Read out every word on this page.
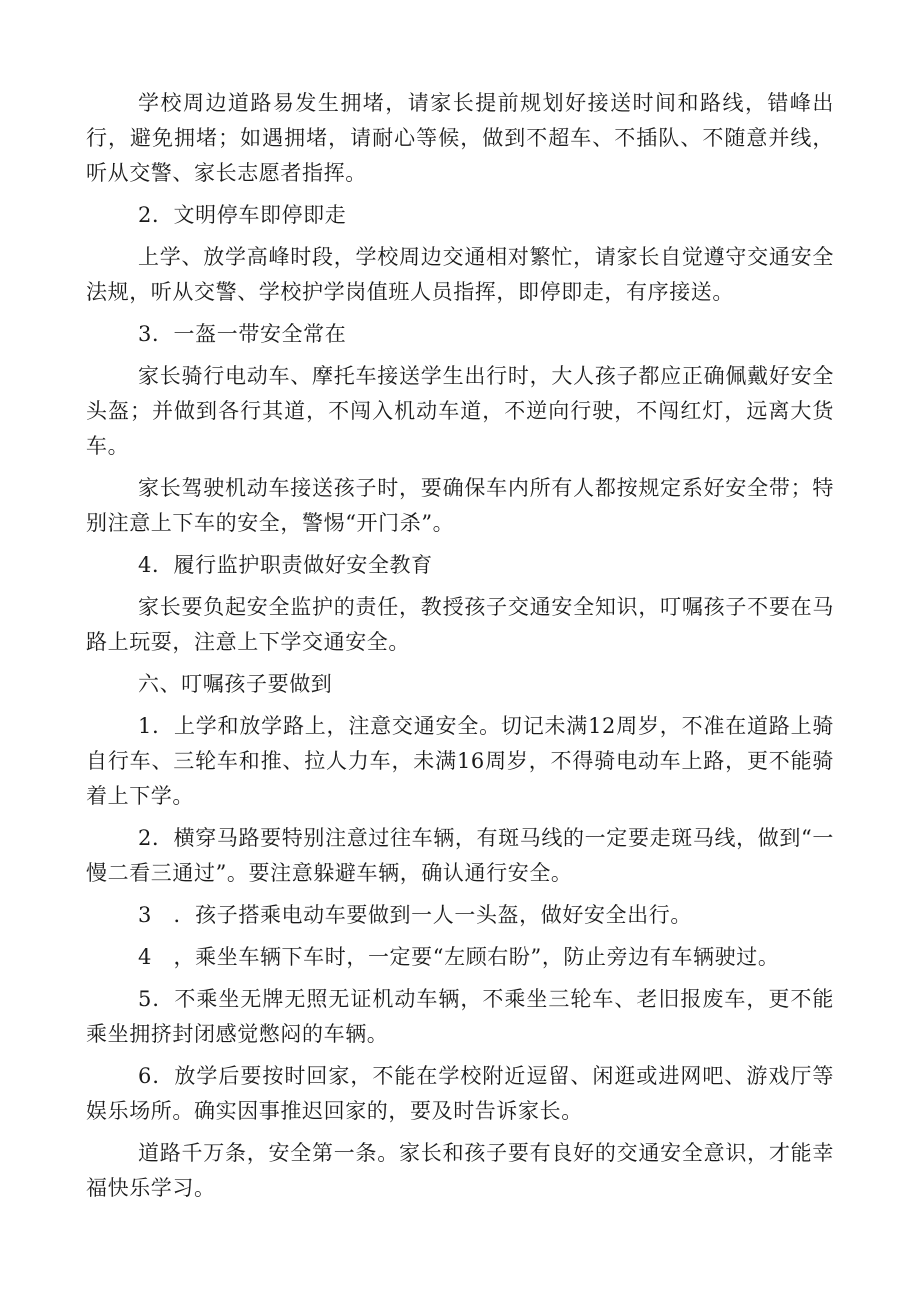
学校周边道路易发生拥堵，请家长提前规划好接送时间和路线，错峰出行，避免拥堵；如遇拥堵，请耐心等候，做到不超车、不插队、不随意并线，听从交警、家长志愿者指挥。

2．文明停车即停即走

上学、放学高峰时段，学校周边交通相对繁忙，请家长自觉遵守交通安全法规，听从交警、学校护学岗值班人员指挥，即停即走，有序接送。

3．一盔一带安全常在

家长骑行电动车、摩托车接送学生出行时，大人孩子都应正确佩戴好安全头盔；并做到各行其道，不闯入机动车道，不逆向行驶，不闯红灯，远离大货车。

家长驾驶机动车接送孩子时，要确保车内所有人都按规定系好安全带；特别注意上下车的安全，警惕“开门杀”。

4．履行监护职责做好安全教育

家长要负起安全监护的责任，教授孩子交通安全知识，叮嘱孩子不要在马路上玩耍，注意上下学交通安全。

六、叮嘱孩子要做到

1．上学和放学路上，注意交通安全。切记未满12周岁，不准在道路上骑自行车、三轮车和推、拉人力车，未满16周岁，不得骑电动车上路，更不能骑着上下学。

2．横穿马路要特别注意过往车辆，有斑马线的一定要走斑马线，做到“一慢二看三通过”。要注意躲避车辆，确认通行安全。

3　．孩子搭乘电动车要做到一人一头盔，做好安全出行。

4　，乘坐车辆下车时，一定要“左顾右盼”，防止旁边有车辆驶过。

5．不乘坐无牌无照无证机动车辆，不乘坐三轮车、老旧报废车，更不能乘坐拥挤封闭感觉憋闷的车辆。

6．放学后要按时回家，不能在学校附近逗留、闲逛或进网吧、游戏厅等娱乐场所。确实因事推迟回家的，要及时告诉家长。

道路千万条，安全第一条。家长和孩子要有良好的交通安全意识，才能幸福快乐学习。
